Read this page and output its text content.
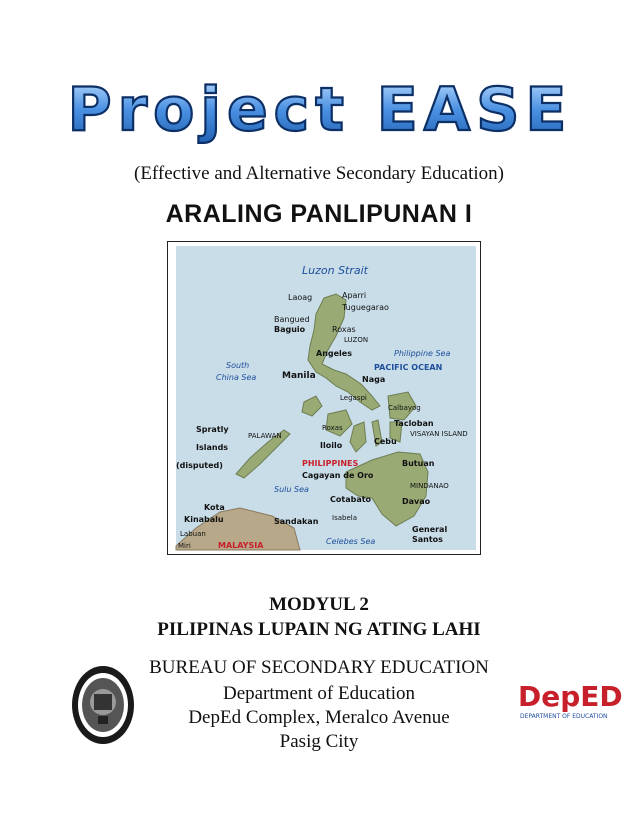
Project EASE
(Effective and Alternative Secondary Education)
ARALING PANLIPUNAN I
Luzon Strait
Laoag	Aparri
Tuguegarao
Bangued
Baguio	Roxas
LUZON
Angeles
South
China Sea	Manila
Philippine Sea
PACIFIC OCEAN
Naga
Legaspi
Calbayog
Spratly
Islands
(disputed)
PALAWAN
Roxas	Tacloban
VISAYAN ISLAND
Iloilo	Cebu
PHILIPPINES	Butuan
Cagayan de Oro
Sulu Sea	MINDANAO
Cotabato	Davao
Kota
Kinabalu	Isabela
Labuan
Sandakan
General
Santos
Miri	MALAYSIA	Celebes Sea
MODYUL 2
PILIPINAS LUPAIN NG ATING LAHI
BUREAU OF SECONDARY EDUCATION
Department of Education
DepEd Complex, Meralco Avenue
Pasig City
DepED
DEPARTMENT OF EDUCATION
